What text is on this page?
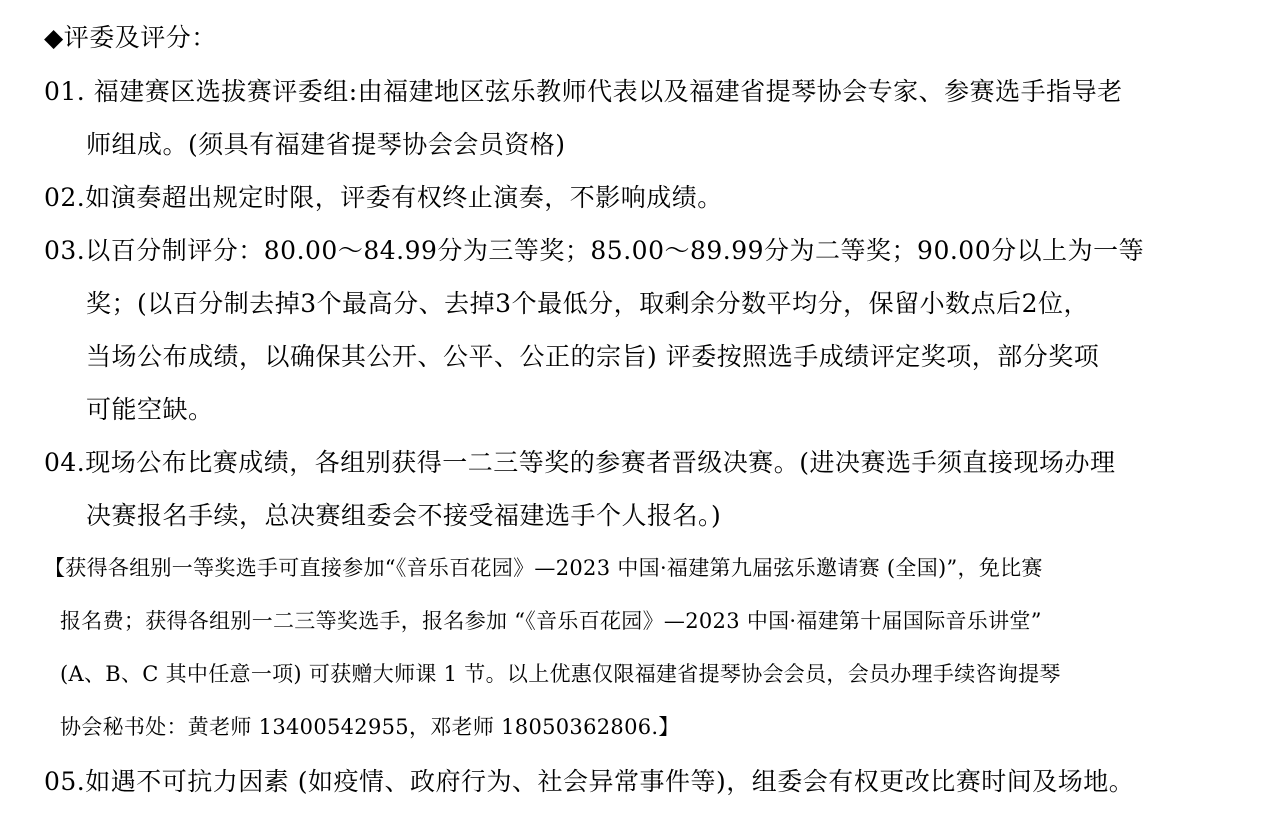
◆评委及评分：
01. 福建赛区选拔赛评委组:由福建地区弦乐教师代表以及福建省提琴协会专家、参赛选手指导老
师组成。(须具有福建省提琴协会会员资格)
02.如演奏超出规定时限，评委有权终止演奏，不影响成绩。
03.以百分制评分：80.00～84.99分为三等奖；85.00～89.99分为二等奖；90.00分以上为一等
奖；(以百分制去掉3个最高分、去掉3个最低分，取剩余分数平均分，保留小数点后2位，
当场公布成绩，以确保其公开、公平、公正的宗旨) 评委按照选手成绩评定奖项，部分奖项
可能空缺。
04.现场公布比赛成绩，各组别获得一二三等奖的参赛者晋级决赛。(进决赛选手须直接现场办理
决赛报名手续，总决赛组委会不接受福建选手个人报名。)
【获得各组别一等奖选手可直接参加“《音乐百花园》—2023 中国·福建第九届弦乐邀请赛 (全国)”，免比赛
报名费；获得各组别一二三等奖选手，报名参加 “《音乐百花园》—2023 中国·福建第十届国际音乐讲堂”
(A、B、C 其中任意一项) 可获赠大师课 1 节。以上优惠仅限福建省提琴协会会员，会员办理手续咨询提琴
协会秘书处：黄老师 13400542955，邓老师 18050362806.】
05.如遇不可抗力因素 (如疫情、政府行为、社会异常事件等)，组委会有权更改比赛时间及场地。
